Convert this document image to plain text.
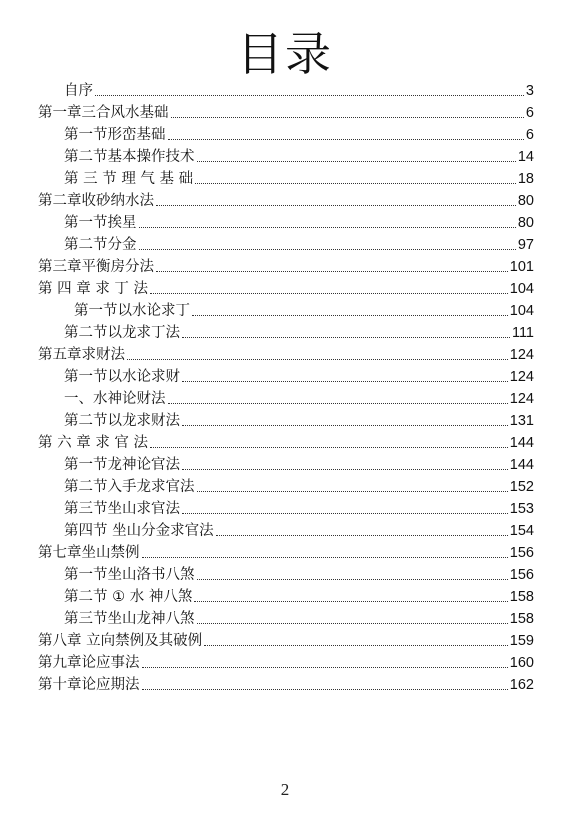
目录
自序	3
第一章三合风水基础	6
第一节形峦基础	6
第二节基本操作技术	14
第 三 节 理 气 基 础	18
第二章收砂纳水法	80
第一节挨星	80
第二节分金	97
第三章平衡房分法	101
第 四 章 求 丁 法	104
第一节以水论求丁	104
第二节以龙求丁法	111
第五章求财法	124
第一节以水论求财	124
一、水神论财法	124
第二节以龙求财法	131
第 六 章 求 官 法	144
第一节龙神论官法	144
第二节入手龙求官法	152
第三节坐山求官法	153
第四节 坐山分金求官法	154
第七章坐山禁例	156
第一节坐山洛书八煞	156
第二节 ① 水 神八煞	158
第三节坐山龙神八煞	158
第八章 立向禁例及其破例	159
第九章论应事法	160
第十章论应期法	162
2
